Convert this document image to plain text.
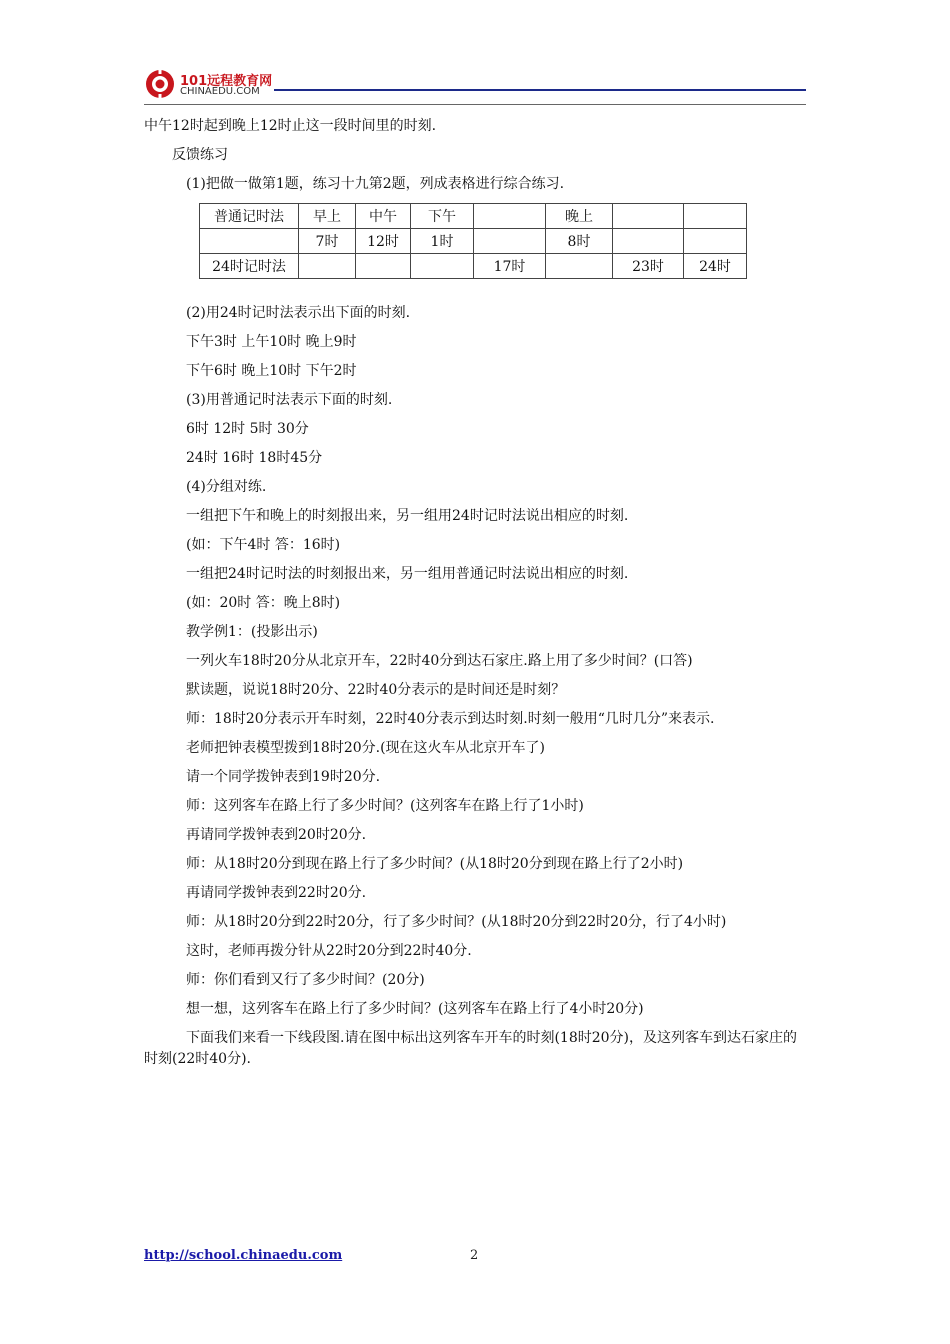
101远程教育网
CHINAEDU.COM
中午12时起到晚上12时止这一段时间里的时刻.
反馈练习
(1)把做一做第1题，练习十九第2题，列成表格进行综合练习.
普通记时法	早上	中午	下午		晚上		
	7时	12时	1时		8时		
24时记时法				17时		23时	24时
(2)用24时记时法表示出下面的时刻.
下午3时 上午10时 晚上9时
下午6时 晚上10时 下午2时
(3)用普通记时法表示下面的时刻.
6时 12时 5时 30分
24时 16时 18时45分
(4)分组对练.
一组把下午和晚上的时刻报出来，另一组用24时记时法说出相应的时刻.
(如：下午4时 答：16时)
一组把24时记时法的时刻报出来，另一组用普通记时法说出相应的时刻.
(如：20时 答：晚上8时)
教学例1：(投影出示)
一列火车18时20分从北京开车，22时40分到达石家庄.路上用了多少时间？(口答)
默读题，说说18时20分、22时40分表示的是时间还是时刻？
师：18时20分表示开车时刻，22时40分表示到达时刻.时刻一般用“几时几分”来表示.
老师把钟表模型拨到18时20分.(现在这火车从北京开车了)
请一个同学拨钟表到19时20分.
师：这列客车在路上行了多少时间？(这列客车在路上行了1小时)
再请同学拨钟表到20时20分.
师：从18时20分到现在路上行了多少时间？(从18时20分到现在路上行了2小时)
再请同学拨钟表到22时20分.
师：从18时20分到22时20分，行了多少时间？(从18时20分到22时20分，行了4小时)
这时，老师再拨分针从22时20分到22时40分.
师：你们看到又行了多少时间？(20分)
想一想，这列客车在路上行了多少时间？(这列客车在路上行了4小时20分)
下面我们来看一下线段图.请在图中标出这列客车开车的时刻(18时20分)，及这列客车到达石家庄的时刻(22时40分).
http://school.chinaedu.com	2
